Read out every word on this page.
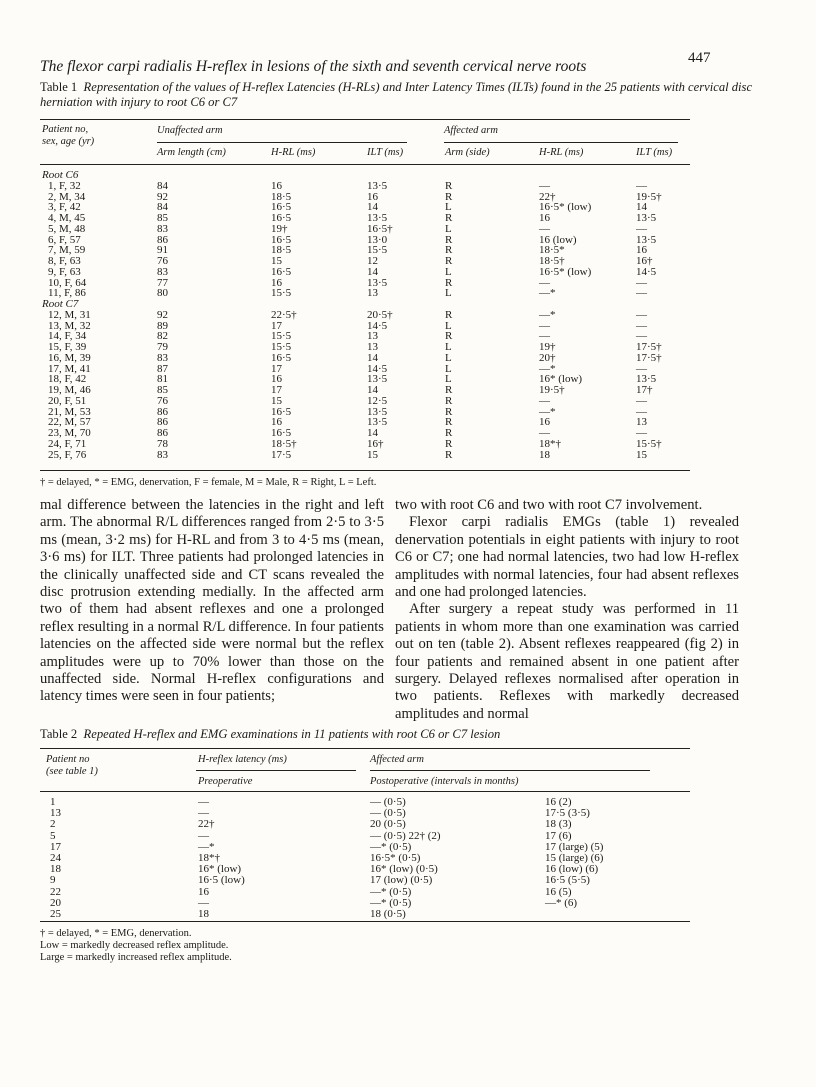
The flexor carpi radialis H-reflex in lesions of the sixth and seventh cervical nerve roots	447
Table 1 Representation of the values of H-reflex Latencies (H-RLs) and Inter Latency Times (ILTs) found in the 25 patients with cervical disc herniation with injury to root C6 or C7
Patient no,
sex, age (yr)
Unaffected arm	Affected arm
Arm length (cm)	H-RL (ms)	ILT (ms)	Arm (side)	H-RL (ms)	ILT (ms)
Root C6
1, F, 32	84	16	13·5	R	—	—
2, M, 34	92	18·5	16	R	22†	19·5†
3, F, 42	84	16·5	14	L	16·5* (low)	14
4, M, 45	85	16·5	13·5	R	16	13·5
5, M, 48	83	19†	16·5†	L	—	—
6, F, 57	86	16·5	13·0	R	16 (low)	13·5
7, M, 59	91	18·5	15·5	R	18·5*	16
8, F, 63	76	15	12	R	18·5†	16†
9, F, 63	83	16·5	14	L	16·5* (low)	14·5
10, F, 64	77	16	13·5	R	—	—
11, F, 86	80	15·5	13	L	—*	—
Root C7
12, M, 31	92	22·5†	20·5†	R	—*	—
13, M, 32	89	17	14·5	L	—	—
14, F, 34	82	15·5	13	R	—	—
15, F, 39	79	15·5	13	L	19†	17·5†
16, M, 39	83	16·5	14	L	20†	17·5†
17, M, 41	87	17	14·5	L	—*	—
18, F, 42	81	16	13·5	L	16* (low)	13·5
19, M, 46	85	17	14	R	19·5†	17†
20, F, 51	76	15	12·5	R	—	—
21, M, 53	86	16·5	13·5	R	—*	—
22, M, 57	86	16	13·5	R	16	13
23, M, 70	86	16·5	14	R	—	—
24, F, 71	78	18·5†	16†	R	18*†	15·5†
25, F, 76	83	17·5	15	R	18	15
† = delayed, * = EMG, denervation, F = female, M = Male, R = Right, L = Left.

mal difference between the latencies in the right and left arm. The abnormal R/L differences ranged from 2·5 to 3·5 ms (mean, 3·2 ms) for H-RL and from 3 to 4·5 ms (mean, 3·6 ms) for ILT. Three patients had prolonged latencies in the clinically unaffected side and CT scans revealed the disc protrusion extending medially. In the affected arm two of them had absent reflexes and one a prolonged reflex resulting in a normal R/L difference. In four patients latencies on the affected side were normal but the reflex amplitudes were up to 70% lower than those on the unaffected side. Normal H-reflex configurations and latency times were seen in four patients;

two with root C6 and two with root C7 involvement.

Flexor carpi radialis EMGs (table 1) revealed denervation potentials in eight patients with injury to root C6 or C7; one had normal latencies, two had low H-reflex amplitudes with normal latencies, four had absent reflexes and one had prolonged latencies.

After surgery a repeat study was performed in 11 patients in whom more than one examination was carried out on ten (table 2). Absent reflexes reappeared (fig 2) in four patients and remained absent in one patient after surgery. Delayed reflexes normalised after operation in two patients. Reflexes with markedly decreased amplitudes and normal

Table 2 Repeated H-reflex and EMG examinations in 11 patients with root C6 or C7 lesion
Patient no
(see table 1)
H-reflex latency (ms)	Affected arm
Preoperative	Postoperative (intervals in months)
1	—	— (0·5)	16 (2)
13	—	— (0·5)	17·5 (3·5)
2	22†	20 (0·5)	18 (3)
5	—	— (0·5) 22† (2)	17 (6)
17	—*	—* (0·5)	17 (large) (5)
24	18*†	16·5* (0·5)	15 (large) (6)
18	16* (low)	16* (low) (0·5)	16 (low) (6)
9	16·5 (low)	17 (low) (0·5)	16·5 (5·5)
22	16	—* (0·5)	16 (5)
20	—	—* (0·5)	—* (6)
25	18	18 (0·5)
† = delayed, * = EMG, denervation.
Low = markedly decreased reflex amplitude.
Large = markedly increased reflex amplitude.
